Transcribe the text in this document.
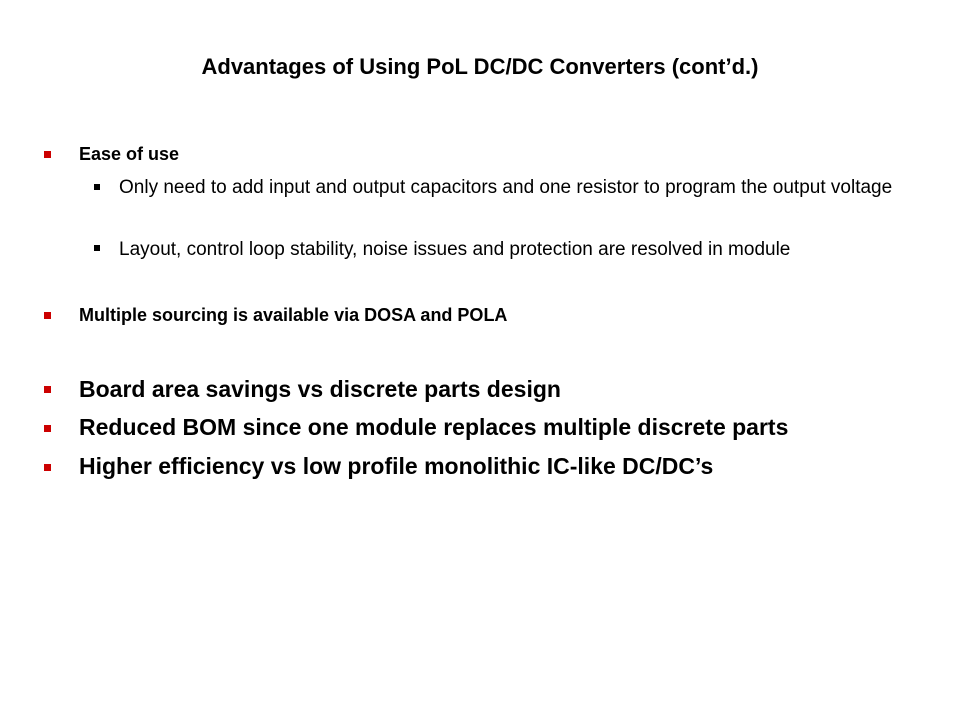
Advantages of Using PoL DC/DC Converters (cont’d.)
Ease of use
Only need to add input and output capacitors and one resistor to program the output voltage
Layout, control loop stability, noise issues and protection are resolved in module
Multiple sourcing is available via DOSA and POLA
Board area savings vs discrete parts design
Reduced BOM since one module replaces multiple discrete parts
Higher efficiency vs low profile monolithic IC-like DC/DC’s
